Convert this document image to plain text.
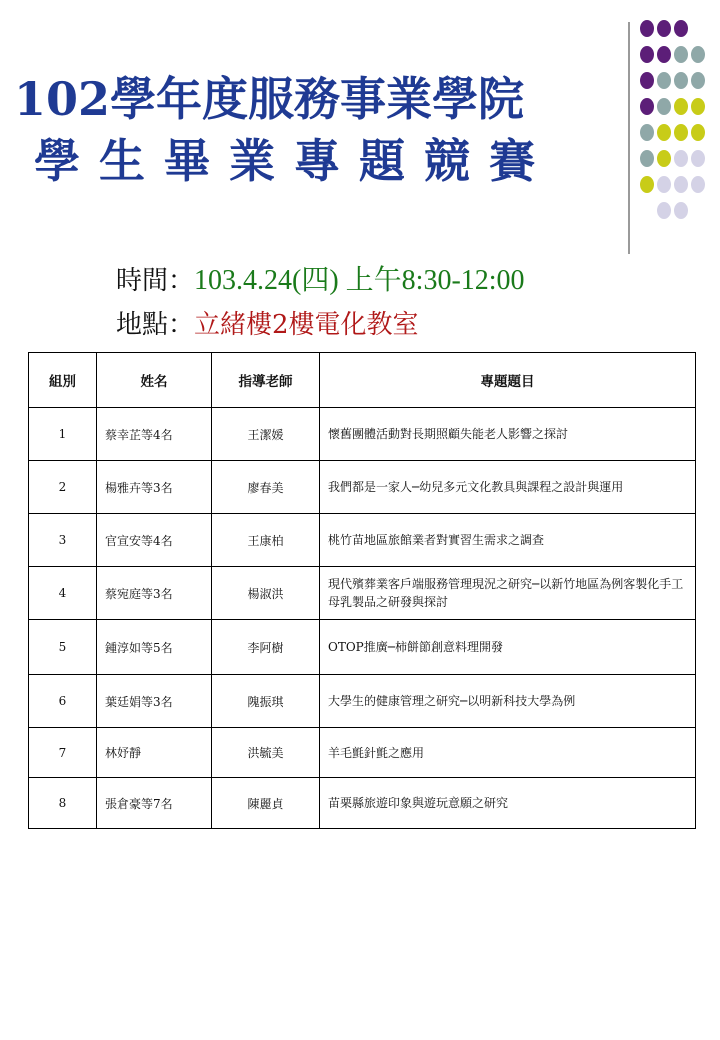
102學年度服務事業學院
學生畢業專題競賽
時間：103.4.24(四) 上午8:30-12:00
地點：立緒樓2樓電化教室
組別	姓名	指導老師	專題題目
1	蔡幸芷等4名	王潔媛	懷舊團體活動對長期照顧失能老人影響之探討
2	楊雅卉等3名	廖春美	我們都是一家人─幼兒多元文化教具與課程之設計與運用
3	官宣安等4名	王康柏	桃竹苗地區旅館業者對實習生需求之調查
4	蔡宛庭等3名	楊淑洪	現代殯葬業客戶端服務管理現況之研究─以新竹地區為例客製化手工母乳製品之研發與探討
5	鍾淳如等5名	李阿樹	OTOP推廣─柿餅節創意料理開發
6	葉廷娟等3名	隗振琪	大學生的健康管理之研究─以明新科技大學為例
7	林妤靜	洪毓美	羊毛氈針氈之應用
8	張倉豪等7名	陳麗貞	苗栗縣旅遊印象與遊玩意願之研究
